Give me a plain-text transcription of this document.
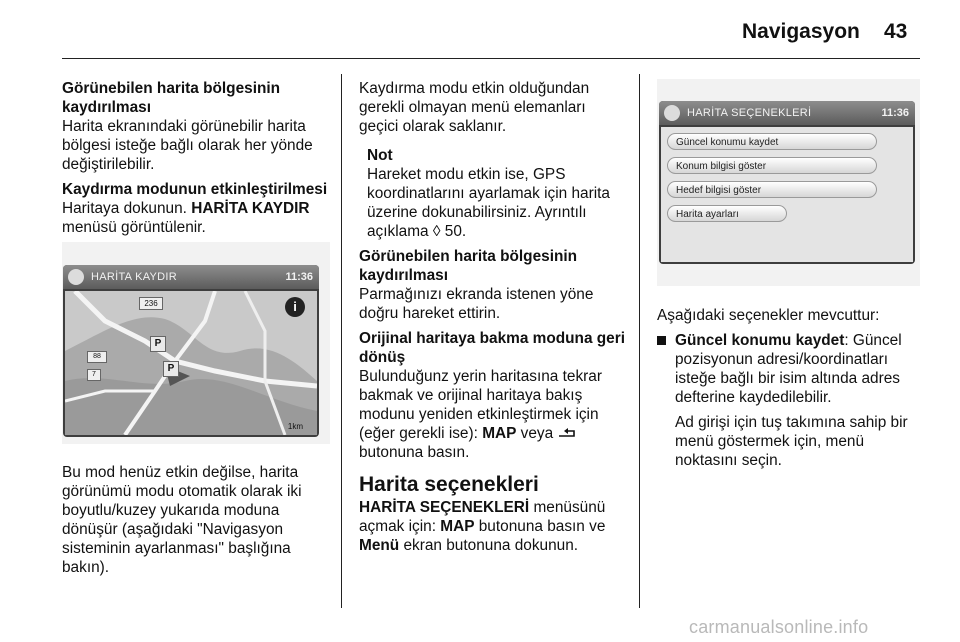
Navigasyon 43

Görünebilen harita bölgesinin kaydırılması

Harita ekranındaki görünebilir harita bölgesi isteğe bağlı olarak her yönde değiştirilebilir.

Kaydırma modunun etkinleştirilmesi

Haritaya dokunun. HARİTA KAYDIR menüsü görüntülenir.

236
88
7
P
P
i
1km
HARİTA KAYDIR	11:36

Bu mod henüz etkin değilse, harita görünümü modu otomatik olarak iki boyutlu/kuzey yukarıda moduna dönüşür (aşağıdaki "Navigasyon sisteminin ayarlanması" başlığına bakın).

Kaydırma modu etkin olduğundan gerekli olmayan menü elemanları geçici olarak saklanır.

Not

Hareket modu etkin ise, GPS koordinatlarını ayarlamak için harita üzerine dokunabilirsiniz. Ayrıntılı açıklama ◊ 50.

Görünebilen harita bölgesinin kaydırılması

Parmağınızı ekranda istenen yöne doğru hareket ettirin.

Orijinal haritaya bakma moduna geri dönüş

Bulunduğunz yerin haritasına tekrar bakmak ve orijinal haritaya bakış modunu yeniden etkinleştirmek için (eğer gerekli ise): MAP veya

butonuna basın.

Harita seçenekleri

HARİTA SEÇENEKLERİ menüsünü açmak için: MAP butonuna basın ve Menü ekran butonuna dokunun.

HARİTA SEÇENEKLERİ	11:36
Güncel konumu kaydet
Konum bilgisi göster
Hedef bilgisi göster
Harita ayarları

Aşağıdaki seçenekler mevcuttur:

Güncel konumu kaydet: Güncel pozisyonun adresi/koordinatları isteğe bağlı bir isim altında adres defterine kaydedilebilir.

Ad girişi için tuş takımına sahip bir menü göstermek için, menü noktasını seçin.

carmanualsonline.info
